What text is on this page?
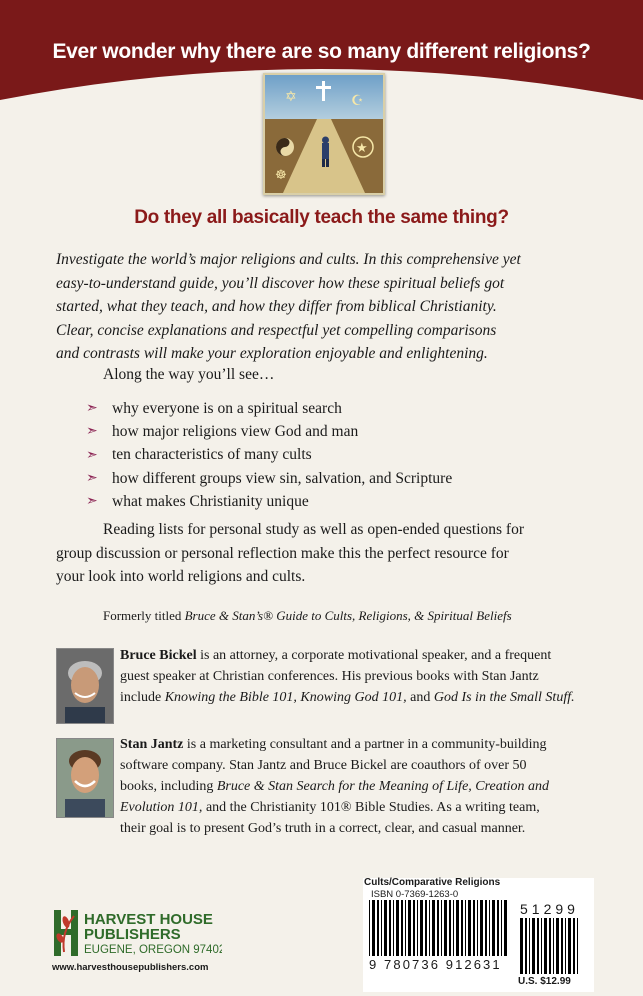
Ever wonder why there are so many different religions?
✡	☪
★
☸
Do they all basically teach the same thing?
Investigate the world’s major religions and cults. In this comprehensive yet
easy-to-understand guide, you’ll discover how these spiritual beliefs got
started, what they teach, and how they differ from biblical Christianity.
Clear, concise explanations and respectful yet compelling comparisons
and contrasts will make your exploration enjoyable and enlightening.
Along the way you’ll see…
➣ why everyone is on a spiritual search
➣ how major religions view God and man
➣ ten characteristics of many cults
➣ how different groups view sin, salvation, and Scripture
➣ what makes Christianity unique
Reading lists for personal study as well as open-ended questions for
group discussion or personal reflection make this the perfect resource for
your look into world religions and cults.
Formerly titled Bruce & Stan’s® Guide to Cults, Religions, & Spiritual Beliefs
Bruce Bickel is an attorney, a corporate motivational speaker, and a frequent
guest speaker at Christian conferences. His previous books with Stan Jantz
include Knowing the Bible 101, Knowing God 101, and God Is in the Small Stuff.
Stan Jantz is a marketing consultant and a partner in a community-building
software company. Stan Jantz and Bruce Bickel are coauthors of over 50
books, including Bruce & Stan Search for the Meaning of Life, Creation and
Evolution 101, and the Christianity 101® Bible Studies. As a writing team,
their goal is to present God’s truth in a correct, clear, and casual manner.
HARVEST HOUSE
PUBLISHERS
EUGENE, OREGON 97402
www.harvesthousepublishers.com
Cults/Comparative Religions
ISBN 0-7369-1263-0
9 780736 912631
51299
U.S. $12.99
